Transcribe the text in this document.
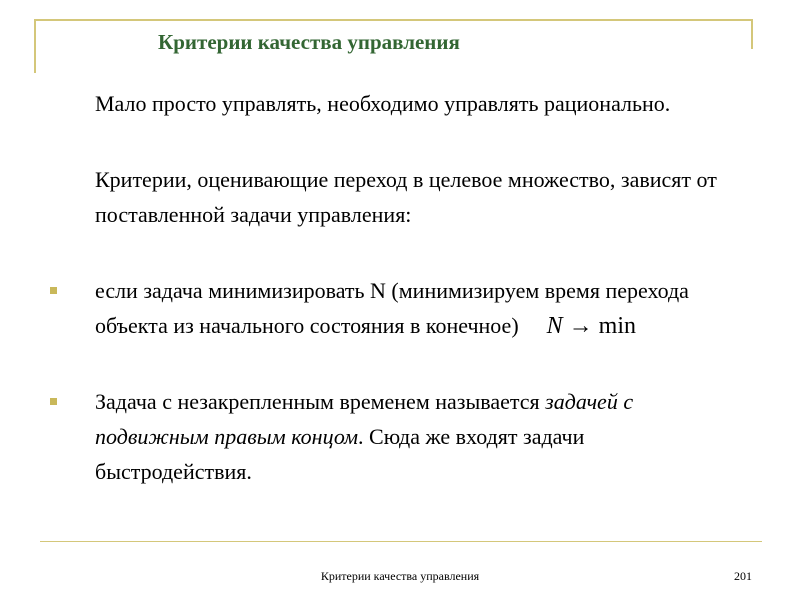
Критерии качества управления
Мало просто управлять, необходимо управлять рационально.
Критерии, оценивающие переход в целевое множество, зависят от поставленной задачи управления:
если задача минимизировать N (минимизируем время перехода объекта из начального состояния в конечное) N → min
Задача с незакрепленным временем называется задачей с подвижным правым концом. Сюда же входят задачи быстродействия.
Критерии качества управления	201
